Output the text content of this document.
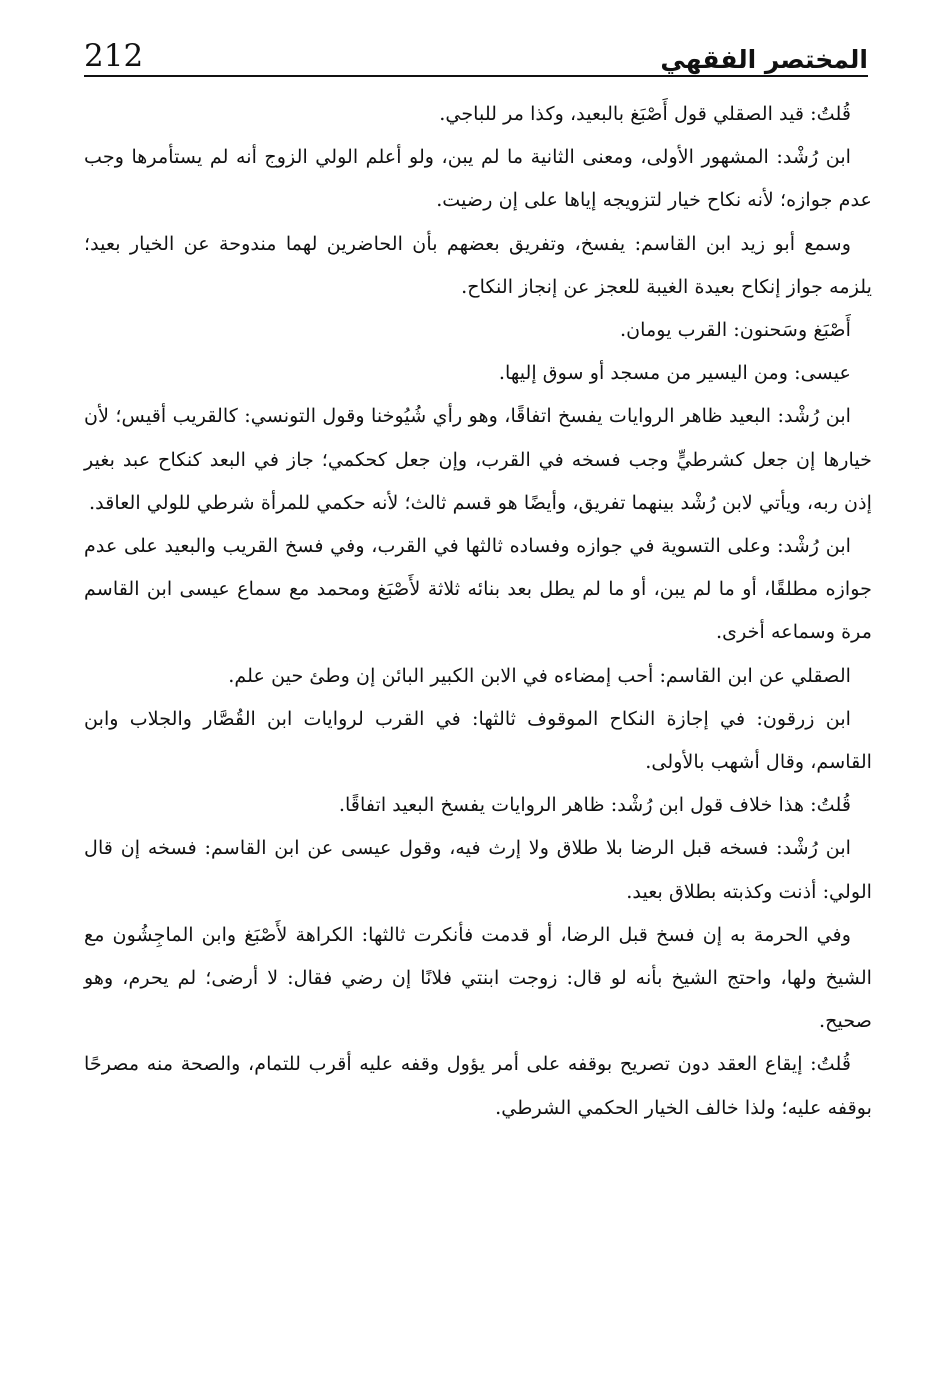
212	المختصر الفقهي

قُلتُ: قيد الصقلي قول أَصْبَغ بالبعيد، وكذا مر للباجي.

ابن رُشْد: المشهور الأولى، ومعنى الثانية ما لم يبن، ولو أعلم الولي الزوج أنه لم يستأمرها وجب عدم جوازه؛ لأنه نكاح خيار لتزويجه إياها على إن رضيت.

وسمع أبو زيد ابن القاسم: يفسخ، وتفريق بعضهم بأن الحاضرين لهما مندوحة عن الخيار بعيد؛ يلزمه جواز إنكاح بعيدة الغيبة للعجز عن إنجاز النكاح.

أَصْبَغ وسَحنون: القرب يومان.

عيسى: ومن اليسير من مسجد أو سوق إليها.

ابن رُشْد: البعيد ظاهر الروايات يفسخ اتفاقًا، وهو رأي شُيُوخنا وقول التونسي: كالقريب أقيس؛ لأن خيارها إن جعل كشرطيٍّ وجب فسخه في القرب، وإن جعل كحكمي؛ جاز في البعد كنكاح عبد بغير إذن ربه، ويأتي لابن رُشْد بينهما تفريق، وأيضًا هو قسم ثالث؛ لأنه حكمي للمرأة شرطي للولي العاقد.

ابن رُشْد: وعلى التسوية في جوازه وفساده ثالثها في القرب، وفي فسخ القريب والبعيد على عدم جوازه مطلقًا، أو ما لم يبن، أو ما لم يطل بعد بنائه ثلاثة لأَصْبَغ ومحمد مع سماع عيسى ابن القاسم مرة وسماعه أخرى.

الصقلي عن ابن القاسم: أحب إمضاءه في الابن الكبير البائن إن وطئ حين علم.

ابن زرقون: في إجازة النكاح الموقوف ثالثها: في القرب لروايات ابن القُصَّار والجلاب وابن القاسم، وقال أشهب بالأولى.

قُلتُ: هذا خلاف قول ابن رُشْد: ظاهر الروايات يفسخ البعيد اتفاقًا.

ابن رُشْد: فسخه قبل الرضا بلا طلاق ولا إرث فيه، وقول عيسى عن ابن القاسم: فسخه إن قال الولي: أذنت وكذبته بطلاق بعيد.

وفي الحرمة به إن فسخ قبل الرضا، أو قدمت فأنكرت ثالثها: الكراهة لأَصْبَغ وابن الماجِشُون مع الشيخ ولها، واحتج الشيخ بأنه لو قال: زوجت ابنتي فلانًا إن رضي فقال: لا أرضى؛ لم يحرم، وهو صحيح.

قُلتُ: إيقاع العقد دون تصريح بوقفه على أمر يؤول وقفه عليه أقرب للتمام، والصحة منه مصرحًا بوقفه عليه؛ ولذا خالف الخيار الحكمي الشرطي.
